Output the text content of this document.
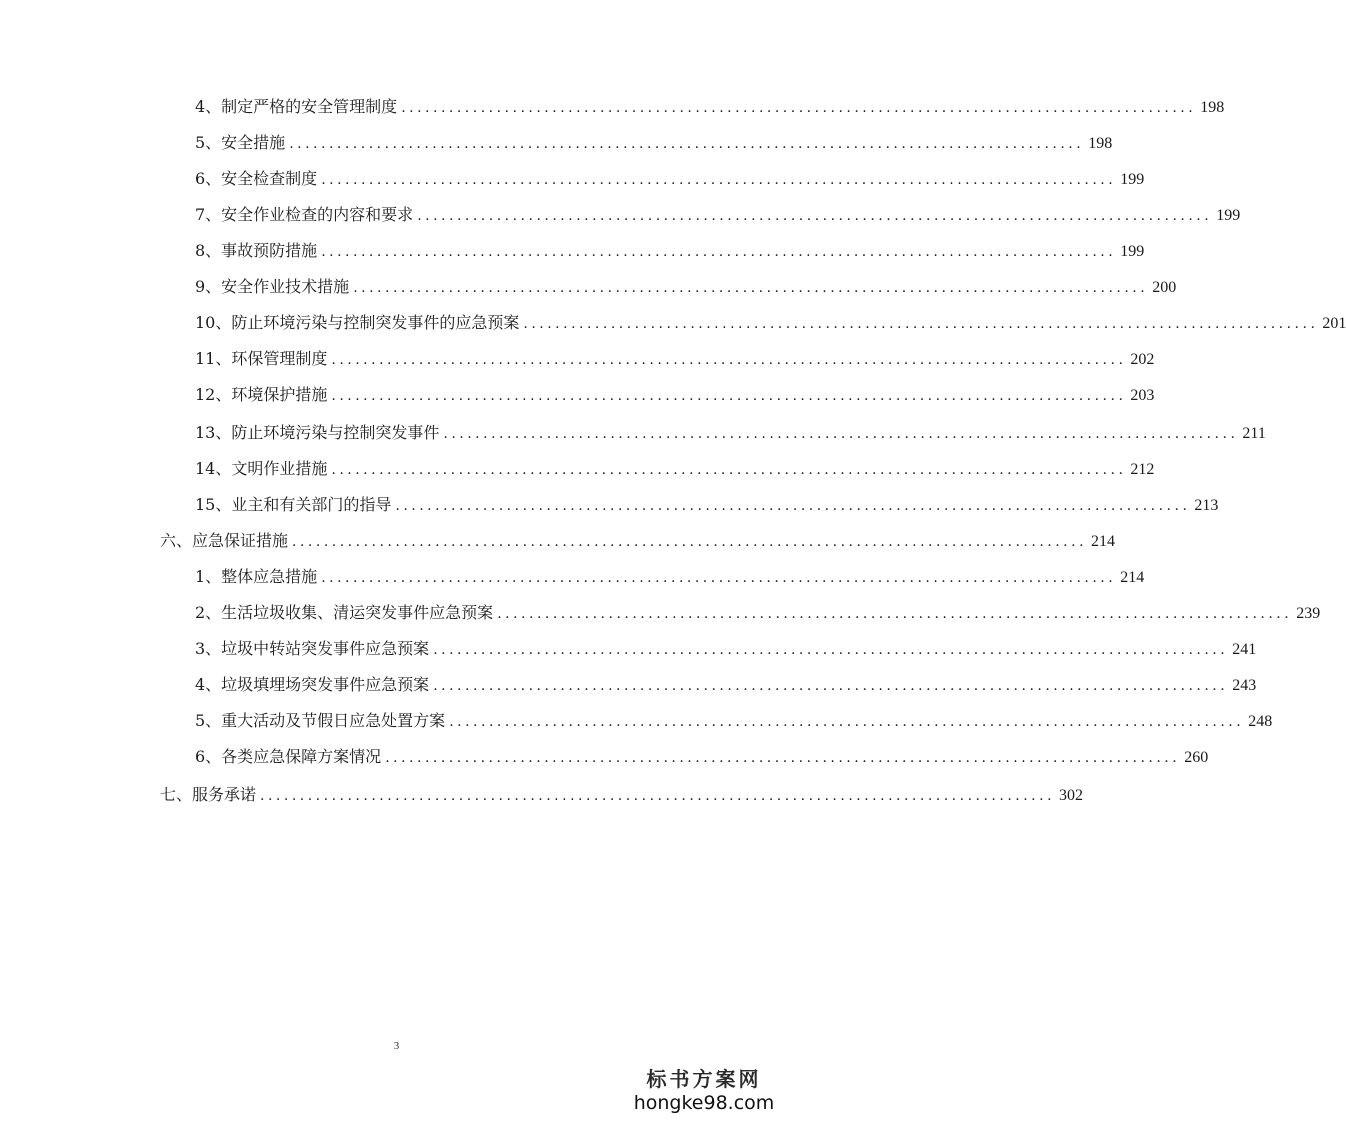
4、制定严格的安全管理制度 .................................................................................................... 198
5、安全措施 .................................................................................................... 198
6、安全检查制度 .................................................................................................... 199
7、安全作业检查的内容和要求 .................................................................................................... 199
8、事故预防措施 .................................................................................................... 199
9、安全作业技术措施 .................................................................................................... 200
10、防止环境污染与控制突发事件的应急预案 .................................................................................................... 201
11、环保管理制度 .................................................................................................... 202
12、环境保护措施 .................................................................................................... 203
13、防止环境污染与控制突发事件 .................................................................................................... 211
14、文明作业措施 .................................................................................................... 212
15、业主和有关部门的指导 .................................................................................................... 213
六、应急保证措施 .................................................................................................... 214
1、整体应急措施 .................................................................................................... 214
2、生活垃圾收集、清运突发事件应急预案 .................................................................................................... 239
3、垃圾中转站突发事件应急预案 .................................................................................................... 241
4、垃圾填埋场突发事件应急预案 .................................................................................................... 243
5、重大活动及节假日应急处置方案 .................................................................................................... 248
6、各类应急保障方案情况 .................................................................................................... 260
七、服务承诺 .................................................................................................... 302
3
标书方案网
hongke98.com
